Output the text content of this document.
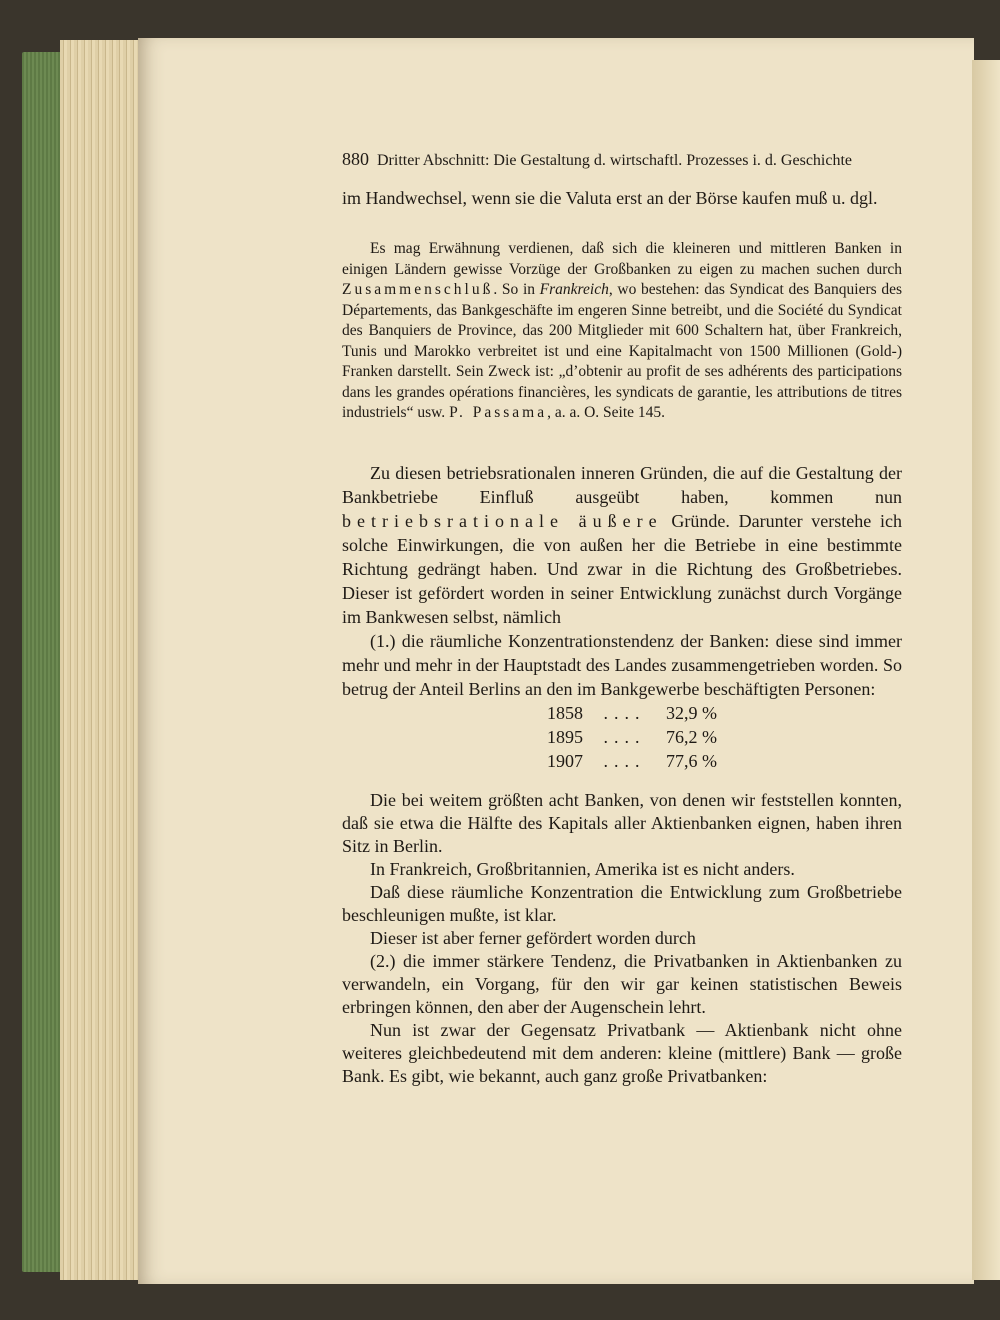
880 Dritter Abschnitt: Die Gestaltung d. wirtschaftl. Prozesses i. d. Geschichte

im Handwechsel, wenn sie die Valuta erst an der Börse kaufen muß u. dgl.

Es mag Erwähnung verdienen, daß sich die kleineren und mittleren Banken in einigen Ländern gewisse Vorzüge der Großbanken zu eigen zu machen suchen durch Zusammenschluß. So in Frankreich, wo bestehen: das Syndicat des Banquiers des Départements, das Bankgeschäfte im engeren Sinne betreibt, und die Société du Syndicat des Banquiers de Province, das 200 Mitglieder mit 600 Schaltern hat, über Frankreich, Tunis und Marokko verbreitet ist und eine Kapitalmacht von 1500 Millionen (Gold-) Franken darstellt. Sein Zweck ist: „d’obtenir au profit de ses adhérents des participations dans les grandes opérations financières, les syndicats de garantie, les attributions de titres industriels“ usw. P. Passama, a. a. O. Seite 145.

Zu diesen betriebsrationalen inneren Gründen, die auf die Gestaltung der Bankbetriebe Einfluß ausgeübt haben, kommen nun betriebsrationale äußere Gründe. Darunter verstehe ich solche Einwirkungen, die von außen her die Betriebe in eine bestimmte Richtung gedrängt haben. Und zwar in die Richtung des Großbetriebes. Dieser ist gefördert worden in seiner Entwicklung zunächst durch Vorgänge im Bankwesen selbst, nämlich

(1.) die räumliche Konzentrationstendenz der Banken: diese sind immer mehr und mehr in der Hauptstadt des Landes zusammengetrieben worden. So betrug der Anteil Berlins an den im Bankgewerbe beschäftigten Personen:

1858 .... 32,9 %
1895 .... 76,2 %
1907 .... 77,6 %

Die bei weitem größten acht Banken, von denen wir feststellen konnten, daß sie etwa die Hälfte des Kapitals aller Aktienbanken eignen, haben ihren Sitz in Berlin.

In Frankreich, Großbritannien, Amerika ist es nicht anders.

Daß diese räumliche Konzentration die Entwicklung zum Großbetriebe beschleunigen mußte, ist klar.

Dieser ist aber ferner gefördert worden durch

(2.) die immer stärkere Tendenz, die Privatbanken in Aktienbanken zu verwandeln, ein Vorgang, für den wir gar keinen statistischen Beweis erbringen können, den aber der Augenschein lehrt.

Nun ist zwar der Gegensatz Privatbank — Aktienbank nicht ohne weiteres gleichbedeutend mit dem anderen: kleine (mittlere) Bank — große Bank. Es gibt, wie bekannt, auch ganz große Privatbanken:
